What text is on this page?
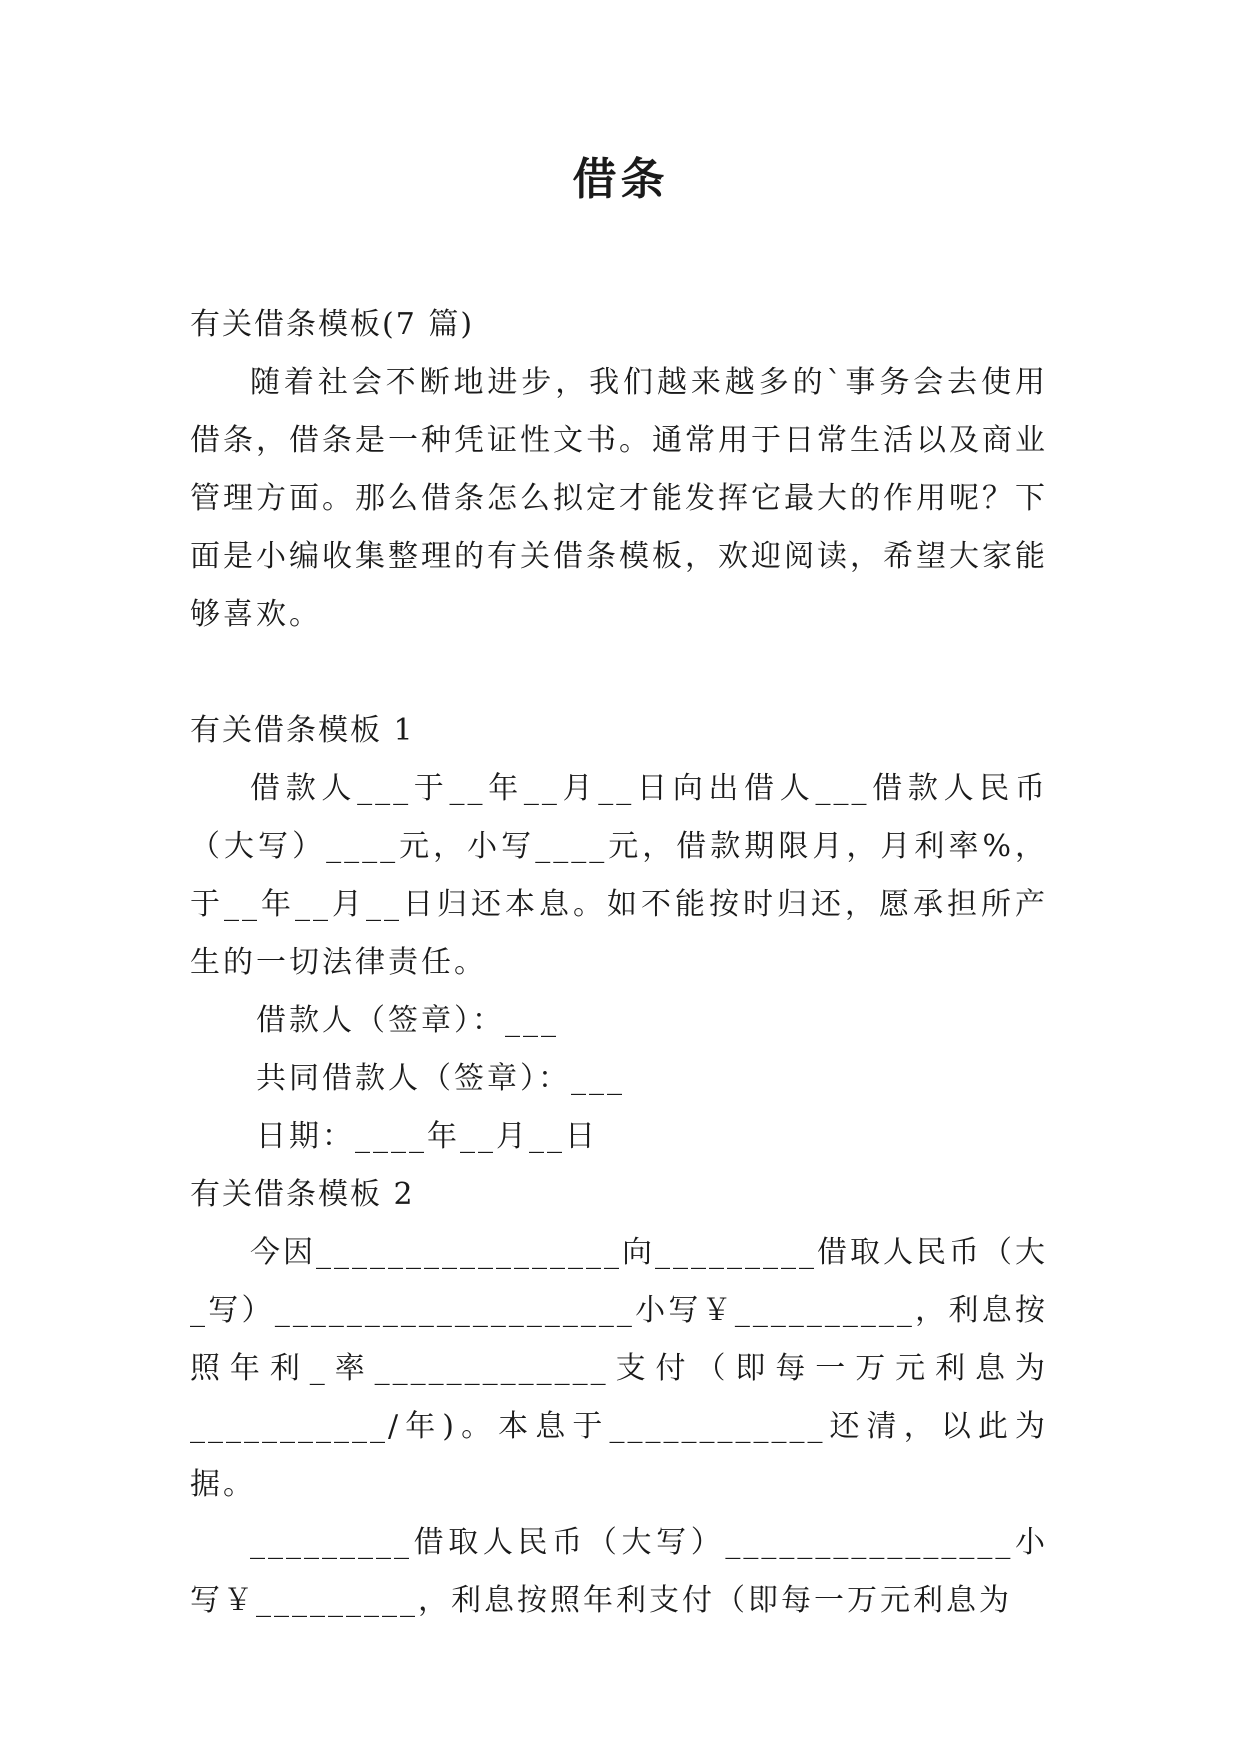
借条
有关借条模板(7 篇)
随着社会不断地进步，我们越来越多的`事务会去使用借条，借条是一种凭证性文书。通常用于日常生活以及商业管理方面。那么借条怎么拟定才能发挥它最大的作用呢？下面是小编收集整理的有关借条模板，欢迎阅读，希望大家能够喜欢。
有关借条模板 1
借款人___于__年__月__日向出借人___借款人民币（大写）____元，小写____元，借款期限月，月利率%，于__年__月__日归还本息。如不能按时归还，愿承担所产生的一切法律责任。
借款人（签章）：___
共同借款人（签章）：___
日期：____年__月__日
有关借条模板 2
今因_________________向_________借取人民币（大_写）____________________小写￥__________，利息按照年利_率_____________支付（即每一万元利息为___________/年)。本息于____________还清，以此为据。
_________借取人民币（大写）________________小写￥_________，利息按照年利支付（即每一万元利息为
